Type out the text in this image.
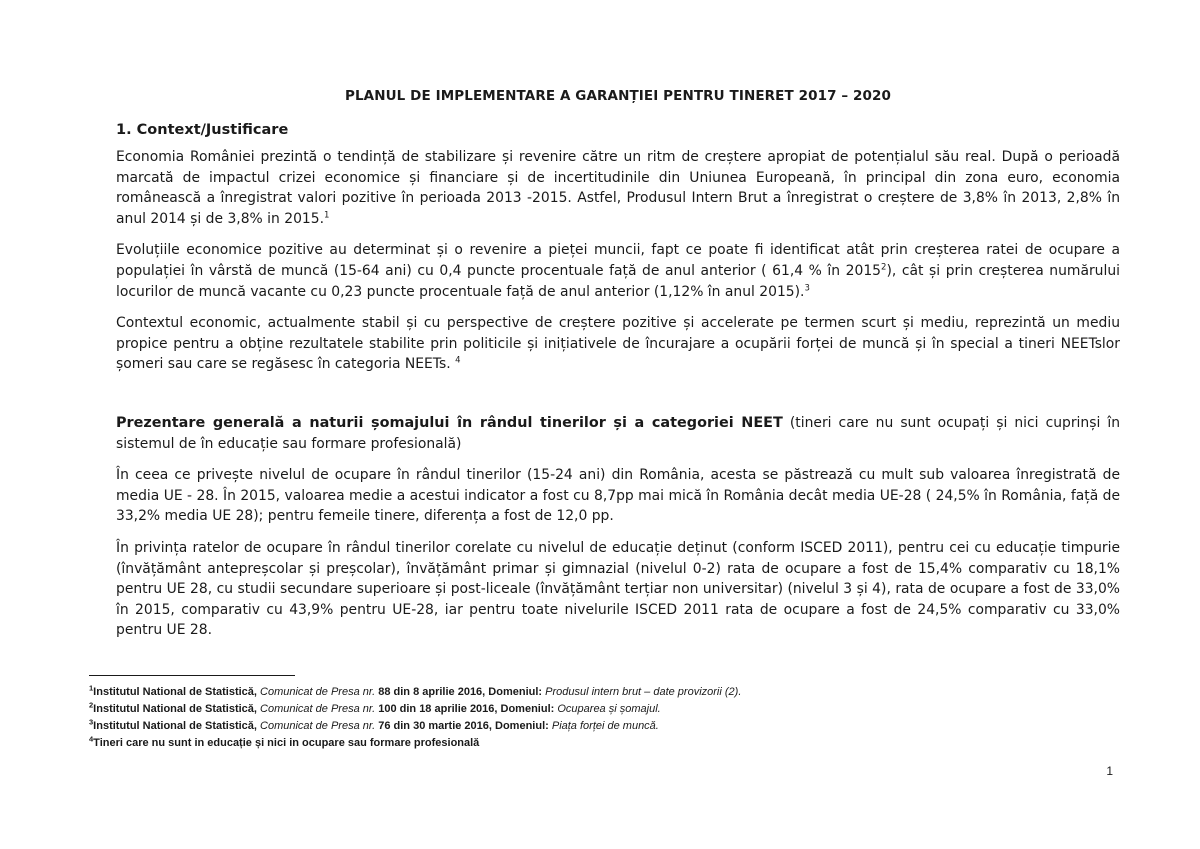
PLANUL DE IMPLEMENTARE A GARANȚIEI PENTRU TINERET 2017 – 2020
1. Context/Justificare

Economia României prezintă o tendință de stabilizare și revenire către un ritm de creștere apropiat de potențialul său real. După o perioadă marcată de impactul crizei economice și financiare și de incertitudinile din Uniunea Europeană, în principal din zona euro, economia românească a înregistrat valori pozitive în perioada 2013 -2015. Astfel, Produsul Intern Brut a înregistrat o creștere de 3,8% în 2013, 2,8% în anul 2014 și de 3,8% in 2015.$^1$

Evoluțiile economice pozitive au determinat și o revenire a pieței muncii, fapt ce poate fi identificat atât prin creșterea ratei de ocupare a populației în vârstă de muncă (15-64 ani) cu 0,4 puncte procentuale față de anul anterior ( 61,4 % în 2015$^2$), cât și prin creșterea numărului locurilor de muncă vacante cu 0,23 puncte procentuale față de anul anterior (1,12% în anul 2015).$^3$

Contextul economic, actualmente stabil și cu perspective de creștere pozitive și accelerate pe termen scurt și mediu, reprezintă un mediu propice pentru a obține rezultatele stabilite prin politicile și inițiativele de încurajare a ocupării forței de muncă și în special a tineri NEETslor șomeri sau care se regăsesc în categoria NEETs. $^4$

Prezentare generală a naturii șomajului în rândul tinerilor și a categoriei NEET (tineri care nu sunt ocupați și nici cuprinși în sistemul de în educație sau formare profesională)

În ceea ce privește nivelul de ocupare în rândul tinerilor (15-24 ani) din România, acesta se păstrează cu mult sub valoarea înregistrată de media UE - 28. În 2015, valoarea medie a acestui indicator a fost cu 8,7pp mai mică în România decât media UE-28 ( 24,5% în România, față de 33,2% media UE 28); pentru femeile tinere, diferența a fost de 12,0 pp.

În privința ratelor de ocupare în rândul tinerilor corelate cu nivelul de educație deținut (conform ISCED 2011), pentru cei cu educație timpurie (învățământ antepreșcolar și preșcolar), învățământ primar și gimnazial (nivelul 0-2) rata de ocupare a fost de 15,4% comparativ cu 18,1% pentru UE 28, cu studii secundare superioare și post-liceale (învățământ terțiar non universitar) (nivelul 3 și 4), rata de ocupare a fost de 33,0% în 2015, comparativ cu 43,9% pentru UE-28, iar pentru toate nivelurile ISCED 2011 rata de ocupare a fost de 24,5% comparativ cu 33,0% pentru UE 28.

$^1$Institutul National de Statistică, Comunicat de Presa nr. 88 din 8 aprilie 2016, Domeniul: Produsul intern brut – date provizorii (2).
$^2$Institutul National de Statistică, Comunicat de Presa nr. 100 din 18 aprilie 2016, Domeniul: Ocuparea și șomajul.
$^3$Institutul National de Statistică, Comunicat de Presa nr. 76 din 30 martie 2016, Domeniul: Piața forței de muncă.
$^4$Tineri care nu sunt in educație și nici in ocupare sau formare profesională
1
